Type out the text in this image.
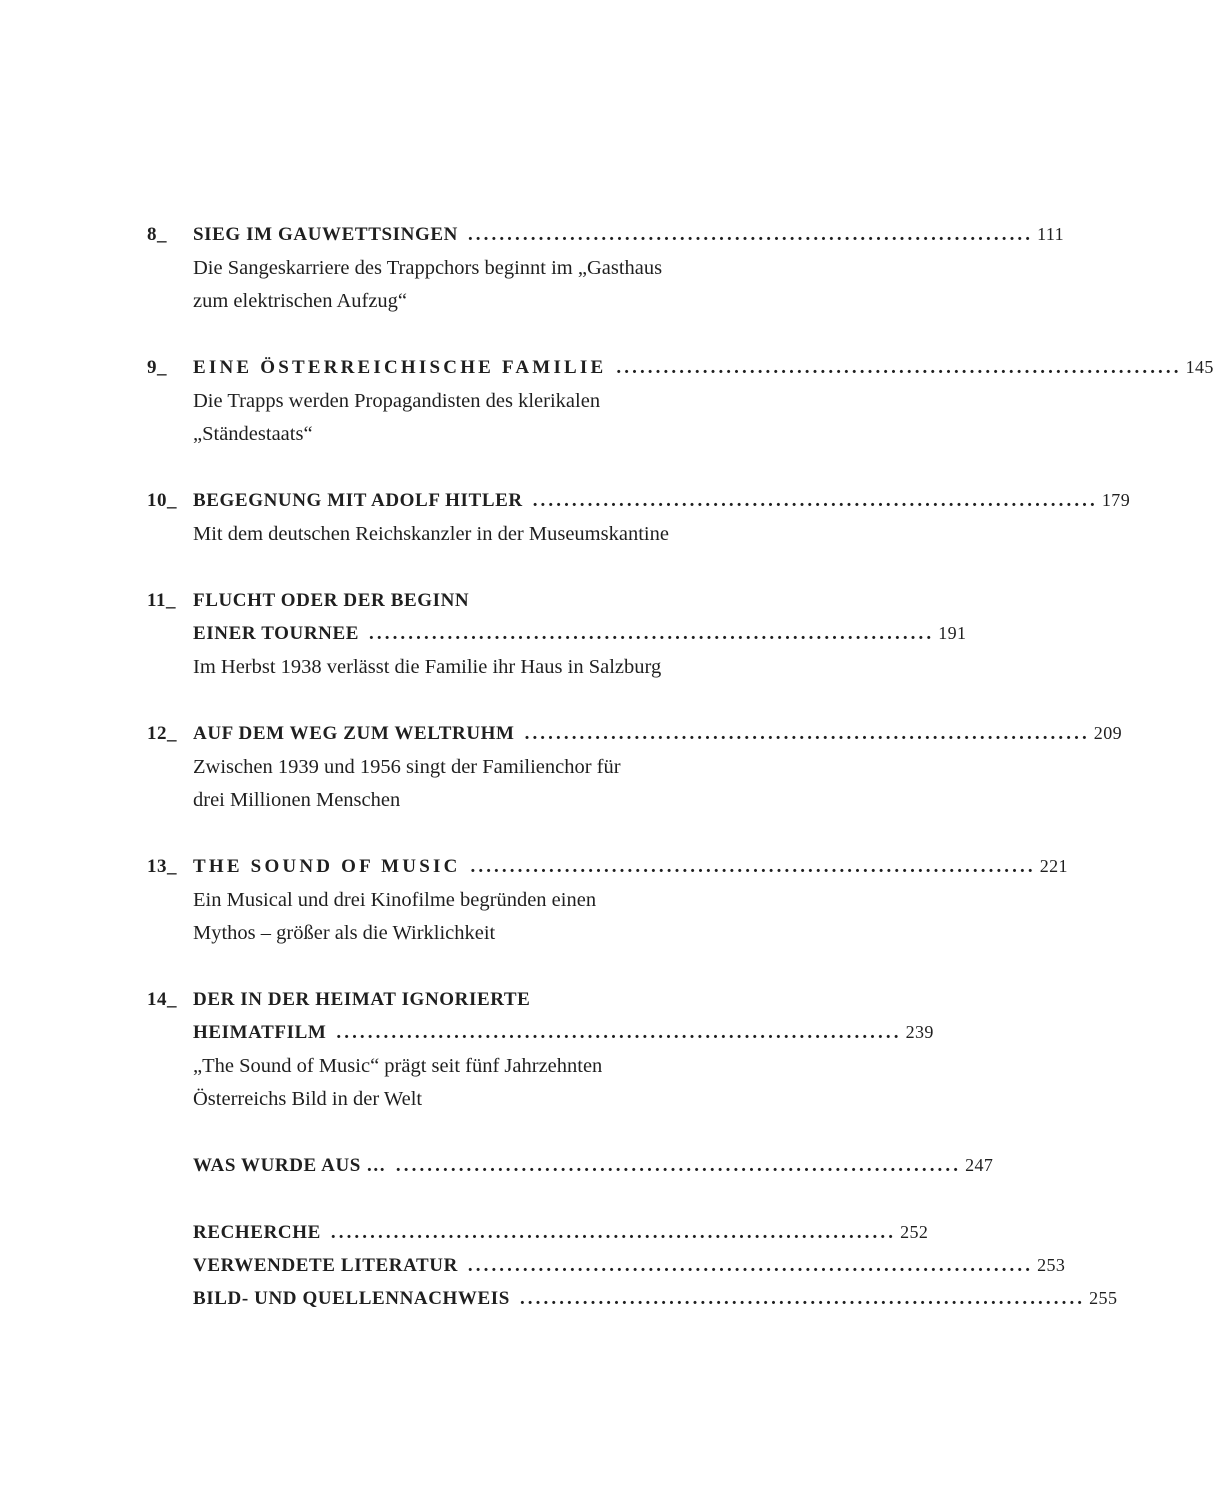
8_	SIEG IM GAUWETTSINGEN ........................................................................ 111
Die Sangeskarriere des Trappchors beginnt im „Gasthaus
zum elektrischen Aufzug“
9_	EINE ÖSTERREICHISCHE FAMILIE ........................................................................ 145
Die Trapps werden Propagandisten des klerikalen
„Ständestaats“
10_ BEGEGNUNG MIT ADOLF HITLER ........................................................................ 179
Mit dem deutschen Reichskanzler in der Museumskantine
11_ FLUCHT ODER DER BEGINN
EINER TOURNEE ........................................................................ 191
Im Herbst 1938 verlässt die Familie ihr Haus in Salzburg
12_ AUF DEM WEG ZUM WELTRUHM ........................................................................ 209
Zwischen 1939 und 1956 singt der Familienchor für
drei Millionen Menschen
13_ THE SOUND OF MUSIC ........................................................................ 221
Ein Musical und drei Kinofilme begründen einen
Mythos – größer als die Wirklichkeit
14_ DER IN DER HEIMAT IGNORIERTE
HEIMATFILM ........................................................................ 239
„The Sound of Music“ prägt seit fünf Jahrzehnten
Österreichs Bild in der Welt
WAS WURDE AUS … ........................................................................ 247
RECHERCHE ........................................................................ 252
VERWENDETE LITERATUR ........................................................................ 253
BILD- UND QUELLENNACHWEIS ........................................................................ 255
